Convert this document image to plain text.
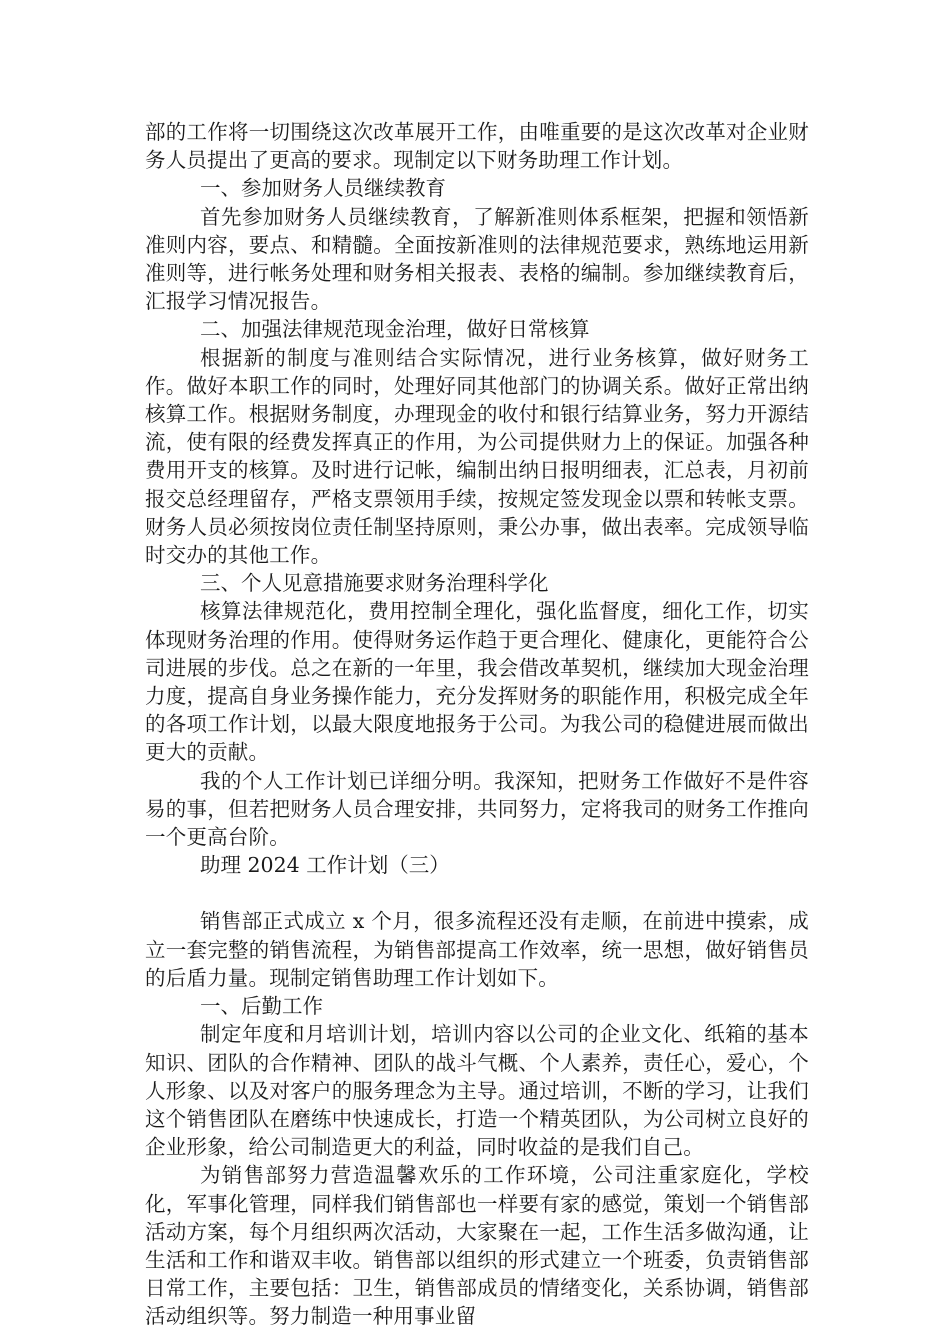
部的工作将一切围绕这次改革展开工作，由唯重要的是这次改革对企业财务人员提出了更高的要求。现制定以下财务助理工作计划。

一、参加财务人员继续教育

首先参加财务人员继续教育，了解新准则体系框架，把握和领悟新准则内容，要点、和精髓。全面按新准则的法律规范要求，熟练地运用新准则等，进行帐务处理和财务相关报表、表格的编制。参加继续教育后，汇报学习情况报告。

二、加强法律规范现金治理，做好日常核算

根据新的制度与准则结合实际情况，进行业务核算，做好财务工作。做好本职工作的同时，处理好同其他部门的协调关系。做好正常出纳核算工作。根据财务制度，办理现金的收付和银行结算业务，努力开源结流，使有限的经费发挥真正的作用，为公司提供财力上的保证。加强各种费用开支的核算。及时进行记帐，编制出纳日报明细表，汇总表，月初前报交总经理留存，严格支票领用手续，按规定签发现金以票和转帐支票。财务人员必须按岗位责任制坚持原则，秉公办事，做出表率。完成领导临时交办的其他工作。

三、个人见意措施要求财务治理科学化

核算法律规范化，费用控制全理化，强化监督度，细化工作，切实体现财务治理的作用。使得财务运作趋于更合理化、健康化，更能符合公司进展的步伐。总之在新的一年里，我会借改革契机，继续加大现金治理力度，提高自身业务操作能力，充分发挥财务的职能作用，积极完成全年的各项工作计划，以最大限度地报务于公司。为我公司的稳健进展而做出更大的贡献。

我的个人工作计划已详细分明。我深知，把财务工作做好不是件容易的事，但若把财务人员合理安排，共同努力，定将我司的财务工作推向一个更高台阶。

助理 2024 工作计划（三）

销售部正式成立 x 个月，很多流程还没有走顺，在前进中摸索，成立一套完整的销售流程，为销售部提高工作效率，统一思想，做好销售员的后盾力量。现制定销售助理工作计划如下。

一、后勤工作

制定年度和月培训计划，培训内容以公司的企业文化、纸箱的基本知识、团队的合作精神、团队的战斗气概、个人素养，责任心，爱心，个人形象、以及对客户的服务理念为主导。通过培训，不断的学习，让我们这个销售团队在磨练中快速成长，打造一个精英团队，为公司树立良好的企业形象，给公司制造更大的利益，同时收益的是我们自己。

为销售部努力营造温馨欢乐的工作环境，公司注重家庭化，学校化，军事化管理，同样我们销售部也一样要有家的感觉，策划一个销售部活动方案，每个月组织两次活动，大家聚在一起，工作生活多做沟通，让生活和工作和谐双丰收。销售部以组织的形式建立一个班委，负责销售部日常工作，主要包括：卫生，销售部成员的情绪变化，关系协调，销售部活动组织等。努力制造一种用事业留
